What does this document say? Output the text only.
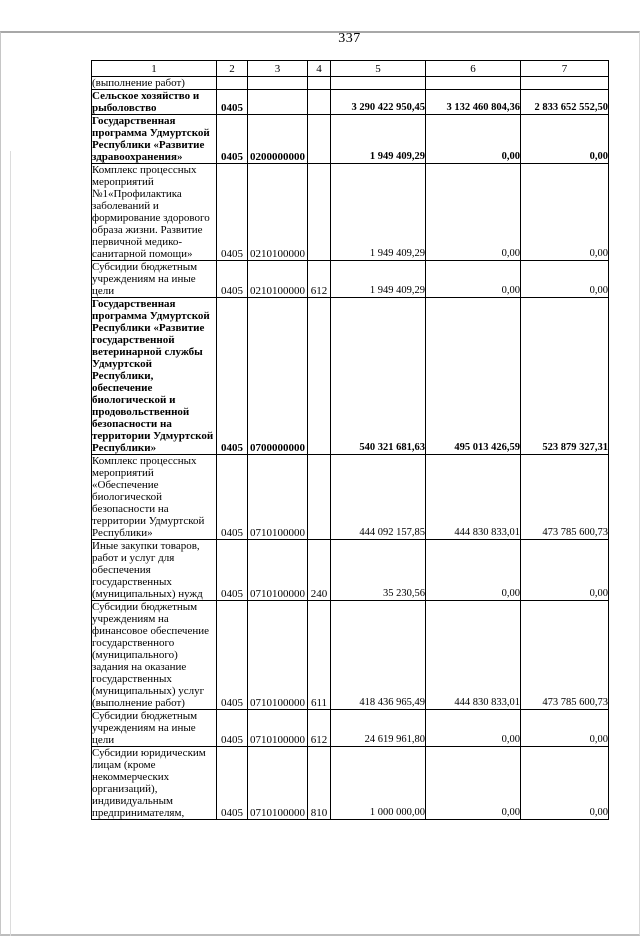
337
1	2	3	4	5	6	7
(выполнение работ)						
Сельское хозяйство и рыболовство	0405			3 290 422 950,45	3 132 460 804,36	2 833 652 552,50
Государственная программа Удмуртской Республики «Развитие здравоохранения»	0405	0200000000		1 949 409,29	0,00	0,00
Комплекс процессных мероприятий №1«Профилактика заболеваний и формирование здорового образа жизни. Развитие первичной медико-санитарной помощи»	0405	0210100000		1 949 409,29	0,00	0,00
Субсидии бюджетным учреждениям на иные цели	0405	0210100000	612	1 949 409,29	0,00	0,00
Государственная программа Удмуртской Республики «Развитие государственной ветеринарной службы Удмуртской Республики, обеспечение биологической и продовольственной безопасности на территории Удмуртской Республики»	0405	0700000000		540 321 681,63	495 013 426,59	523 879 327,31
Комплекс процессных мероприятий «Обеспечение биологической безопасности на территории Удмуртской Республики»	0405	0710100000		444 092 157,85	444 830 833,01	473 785 600,73
Иные закупки товаров, работ и услуг для обеспечения государственных (муниципальных) нужд	0405	0710100000	240	35 230,56	0,00	0,00
Субсидии бюджетным учреждениям на финансовое обеспечение государственного (муниципального) задания на оказание государственных (муниципальных) услуг (выполнение работ)	0405	0710100000	611	418 436 965,49	444 830 833,01	473 785 600,73
Субсидии бюджетным учреждениям на иные цели	0405	0710100000	612	24 619 961,80	0,00	0,00
Субсидии юридическим лицам (кроме некоммерческих организаций), индивидуальным предпринимателям,	0405	0710100000	810	1 000 000,00	0,00	0,00
